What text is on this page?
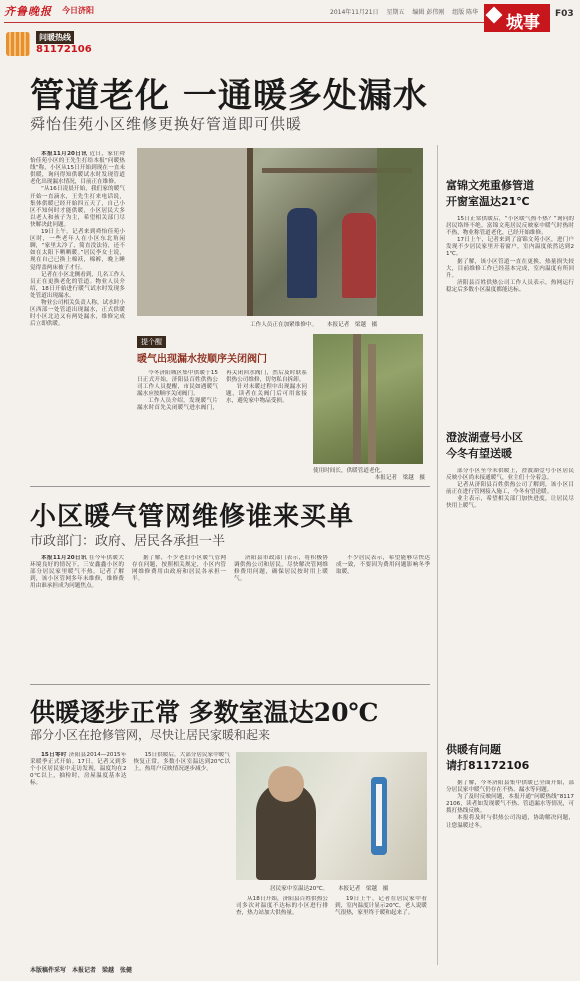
齐鲁晚报 今日济阳	2014年11月21日 星期五 编辑 彭伟刚 组版 陈华
城事 F03
问暖热线
81172106
管道老化 一通暖多处漏水
舜怡佳苑小区维修更换好管道即可供暖

本报11月20日讯 近日，家住舜怡佳苑小区的王先生打给本报“问暖热线”称，小区从15日开始到现在一直未供暖，询问得知供暖试水时发现管道老化出现漏水情况，目前正在维修。

“从16日凌晨开始，我们家的暖气开始一直滴水，王先生打来电话说，集体供暖已经开始四五天了，自己小区不知何时才能供暖，小区居民大多以老人和孩子为主，希望相关部门尽快解决此问题。

19日上午，记者来到舜怡佳苑小区时，一些老年人在小区东北角闲聊，“家里太冷了，简直没法待，还不如在太阳下晒晒暖。”居民李女士说，现在自己已换上棉袄，棉裤，晚上睡觉得盖两床被子才行。

记者在小区北侧看到，几名工作人员正在更换老化的管道。物业人员介绍，18日开始进行暖气试水时发现多处管道出现漏水。

物业公司相关负责人称，试水时小区西部一处管道出现漏水，正式供暖时小区北边又有两处漏水，维修完成后立即供暖。	工作人员正在加紧维修中。 本报记者　梁越　摄
提个醒
暖气出现漏水按顺序关闭阀门

今冬济阳城区集中供暖于15日正式开始，济阳县百姓供热公司工作人员提醒，市民如遇暖气漏水应按顺序关闭阀门。

工作人员介绍，发现暖气片漏水时首先关闭暖气进水阀门，再关闭回水阀门，然后及时联系供热公司维修，切勿私自拆卸。

针对未暖过程中出现漏水问题，读者在关阀门后可用盆接水，避免家中物品受损。

使用时间长，供暖管道老化。
本报记者　梁越　摄
富锦文苑重修管道
开窗室温达21℃

15日正常供暖后，“小区暖气热不热？”询问的居民络绎不绝。富锦文苑居民反映家中暖气时热时不热，物业称管道老化，已经开始维修。

17日上午，记者来到了富锦文苑小区，进门户发现不少居民家里开着窗户，室内温度依然达到21℃。

据了解，该小区管道一直在更换，热量损失较大，目前维修工作已经基本完成，室内温度有所回升。

济阳县百姓供热公司工作人员表示，热网运行稳定后多数小区温度都能达标。

澄波湖壹号小区
今冬有望送暖

部分小区至今未供暖上，澄波湖壹号小区居民反映小区尚未接通暖气，业主们十分着急。

记者从济阳县百姓供热公司了解到，该小区目前正在进行管网接入施工，今冬有望送暖。

业主表示，希望相关部门加快进度，让居民尽快用上暖气。

小区暖气管网维修谁来买单
市政部门：政府、居民各承担一半

本报11月20日讯 在今年供暖大环境良好的情况下，三安鑫鑫小区的部分居民家里暖气不热。记者了解到，该小区管网多年未维修，维修费用由谁承担成为问题焦点。

据了解，不少老旧小区暖气管网存在问题，按照相关规定，小区内管网维修费用由政府和居民各承担一半。

济阳县市政部门表示，将积极协调供热公司和居民，尽快解决管网维修费用问题，确保居民按时用上暖气。

不少居民表示，希望能够尽快达成一致，不要因为费用问题影响冬季取暖。

供暖逐步正常 多数室温达20℃
部分小区在抢修管网，尽快让居民家暖和起来

15日零时 济阳县2014—2015年采暖季正式开始。17日，记者又到多个小区居民家中走访发现，温度均在20℃以上，抽检时，房屋温度基本达标。

15日供暖后，大部分居民家中暖气恢复正常，多数小区室温达到20℃以上，热用户反映情况逐步减少。

居民家中室温达20℃。 本报记者　梁越　摄

从18日开始，济阳县百姓供热公司多次对温度不达标的小区进行排查，热力站加大供热量。

19日上午，记者在居民家中看到，室内温度计显示20℃，老人说暖气很热，家里终于暖和起来了。

本版稿件采写　本报记者　梁越　张健
供暖有问题
请打81172106

据了解，今冬济阳县集中供暖已全面开始，部分居民家中暖气仍存在不热、漏水等问题。

为了及时反映问题，本报开通“问暖热线”81172106，读者如发现暖气不热、管道漏水等情况，可拨打热线反映。

本报将及时与供热公司沟通，协助解决问题，让您温暖过冬。
